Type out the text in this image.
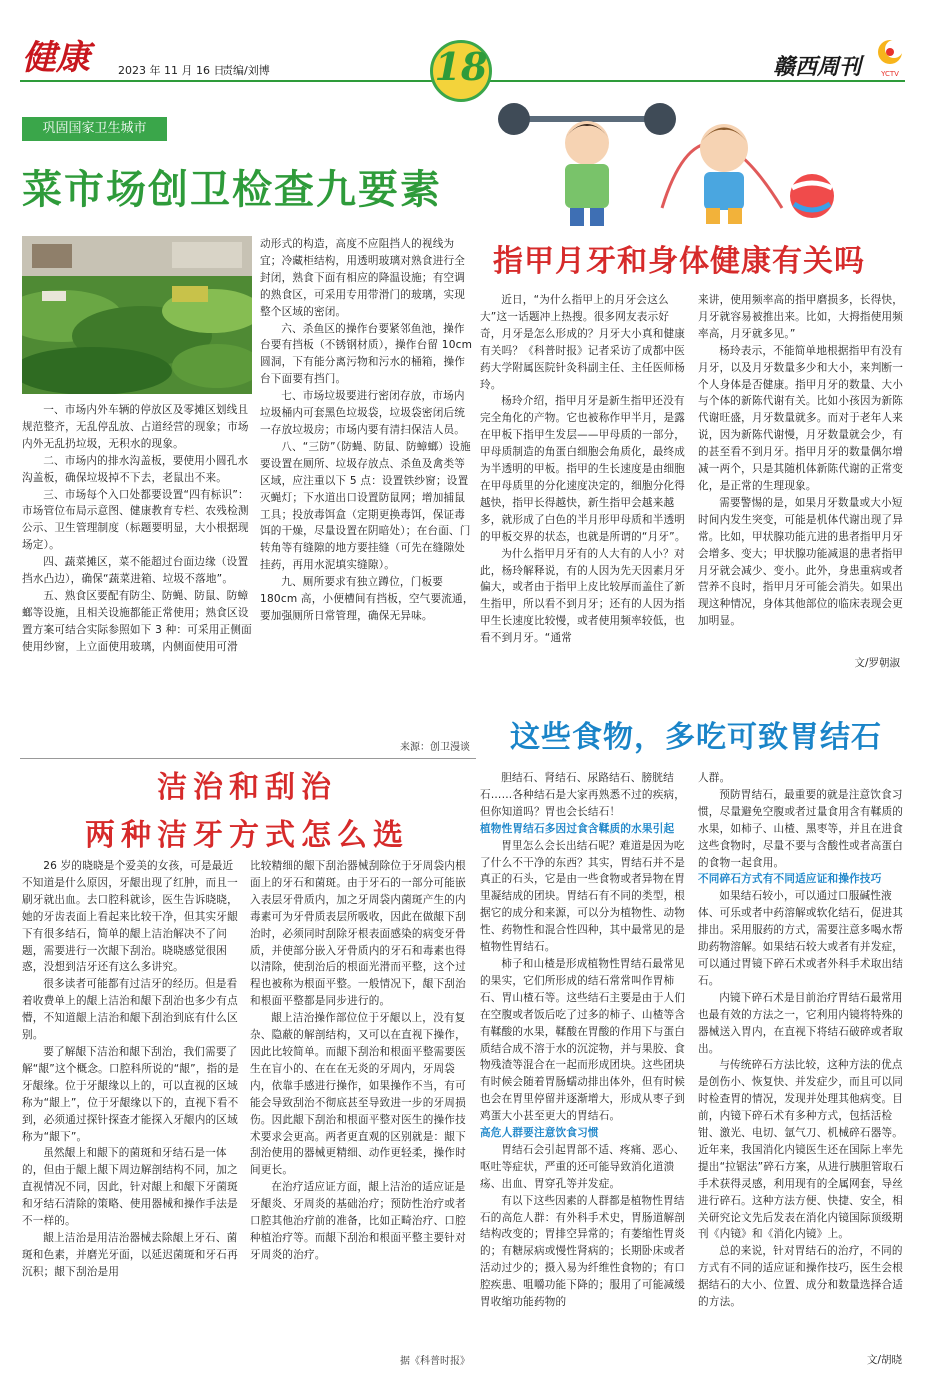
健康	2023 年 11 月 16 日
责编/刘博	18	赣西周刊	YCTV
巩固国家卫生城市
菜市场创卫检查九要素

一、市场内外车辆的停放区及零摊区划线且规范整齐，无乱停乱放、占道经营的现象；市场内外无乱扔垃圾，无积水的现象。

二、市场内的排水沟盖板，要使用小圆孔水沟盖板，确保垃圾掉不下去，老鼠出不来。

三、市场每个入口处都要设置“四有标识”：市场管位布局示意图、健康教育专栏、农残检测公示、卫生管理制度（标题要明显，大小根据现场定）。

四、蔬菜摊区，菜不能超过台面边缘（设置挡水凸边），确保“蔬菜进箱、垃圾不落地”。

五、熟食区要配有防尘、防蝇、防鼠、防蟑螂等设施，且相关设施都能正常使用；熟食区设置方案可结合实际参照如下 3 种：可采用正侧面使用纱窗，上立面使用玻璃，内侧面使用可滑

动形式的构造，高度不应阻挡人的视线为宜；冷藏柜结构，用透明玻璃对熟食进行全封闭，熟食下面有相应的降温设施；有空调的熟食区，可采用专用带滑门的玻璃，实现整个区域的密闭。

六、杀鱼区的操作台要紧邻鱼池，操作台要有挡板（不锈钢材质），操作台留 10cm 圆洞，下有能分离污物和污水的桶箱，操作台下面要有挡门。

七、市场垃圾要进行密闭存放，市场内垃圾桶内可套黑色垃圾袋，垃圾袋密闭后统一存放垃圾房；市场内要有清扫保洁人员。

八、“三防”（防蝇、防鼠、防蟑螂）设施要设置在厕所、垃圾存放点、杀鱼及禽类等区域，应注重以下 5 点：设置铁纱窗；设置灭蝇灯；下水道出口设置防鼠网；增加捕鼠工具；投放毒饵盒（定期更换毒饵，保证毒饵的干燥，尽量设置在阴暗处）；在台面、门转角等有缝隙的地方要挂缝（可先在缝隙处挂药，再用水泥填实缝隙）。

九、厕所要求有独立蹲位，门板要 180cm 高，小便槽间有挡板，空气要流通，要加强厕所日常管理，确保无异味。

来源：创卫漫谈
指甲月牙和身体健康有关吗

近日，“为什么指甲上的月牙会这么大”这一话题冲上热搜。很多网友表示好奇，月牙是怎么形成的？月牙大小真和健康有关吗？《科普时报》记者采访了成都中医药大学附属医院针灸科副主任、主任医师杨玲。

杨玲介绍，指甲月牙是新生指甲还没有完全角化的产物。它也被称作甲半月，是露在甲板下指甲生发层——甲母质的一部分，甲母质制造的角蛋白细胞会角质化，最终成为半透明的甲板。指甲的生长速度是由细胞在甲母质里的分化速度决定的，细胞分化得越快，指甲长得越快，新生指甲会越来越多，就形成了白色的半月形甲母质和半透明的甲板交界的状态，也就是所谓的“月牙”。

为什么指甲月牙有的人大有的人小？对此，杨玲解释说，有的人因为先天因素月牙偏大，或者由于指甲上皮比较厚而盖住了新生指甲，所以看不到月牙；还有的人因为指甲生长速度比较慢，或者使用频率较低，也看不到月牙。“通常

来讲，使用频率高的指甲磨损多，长得快，月牙就容易被推出来。比如，大拇指使用频率高，月牙就多见。”

杨玲表示，不能简单地根据指甲有没有月牙，以及月牙数量多少和大小，来判断一个人身体是否健康。指甲月牙的数量、大小与个体的新陈代谢有关。比如小孩因为新陈代谢旺盛，月牙数量就多。而对于老年人来说，因为新陈代谢慢，月牙数量就会少，有的甚至看不到月牙。指甲月牙的数量偶尔增减一两个，只是其随机体新陈代谢的正常变化，是正常的生理现象。

需要警惕的是，如果月牙数量或大小短时间内发生突变，可能是机体代谢出现了异常。比如，甲状腺功能亢进的患者指甲月牙会增多、变大；甲状腺功能减退的患者指甲月牙就会减少、变小。此外，身患重病或者营养不良时，指甲月牙可能会消失。如果出现这种情况，身体其他部位的临床表现会更加明显。

文/罗朝淑
洁治和刮治
两种洁牙方式怎么选

26 岁的晓晓是个爱美的女孩，可是最近不知道是什么原因，牙龈出现了红肿，而且一刷牙就出血。去口腔科就诊，医生告诉晓晓，她的牙齿表面上看起来比较干净，但其实牙龈下有很多结石，简单的龈上洁治解决不了问题，需要进行一次龈下刮治。晓晓感觉很困惑，没想到洁牙还有这么多讲究。

很多读者可能都有过洁牙的经历。但是看着收费单上的龈上洁治和龈下刮治也多少有点懵，不知道龈上洁治和龈下刮治到底有什么区别。

要了解龈下洁治和龈下刮治，我们需要了解“龈”这个概念。口腔科所说的“龈”，指的是牙龈缘。位于牙龈缘以上的，可以直视的区域称为“龈上”，位于牙龈缘以下的，直视下看不到，必须通过探针探查才能探入牙龈内的区域称为“龈下”。

虽然龈上和龈下的菌斑和牙结石是一体的，但由于龈上龈下周边解剖结构不同，加之直视情况不同，因此，针对龈上和龈下牙菌斑和牙结石清除的策略、使用器械和操作手法是不一样的。

龈上洁治是用洁治器械去除龈上牙石、菌斑和色素，并磨光牙面，以延迟菌斑和牙石再沉积；龈下刮治是用

比较精细的龈下刮治器械刮除位于牙周袋内根面上的牙石和菌斑。由于牙石的一部分可能嵌入表层牙骨质内，加之牙周袋内菌斑产生的内毒素可为牙骨质表层所吸收，因此在做龈下刮治时，必须同时刮除牙根表面感染的病变牙骨质，并使部分嵌入牙骨质内的牙石和毒素也得以清除，使刮治后的根面光滑而平整，这个过程也被称为根面平整。一般情况下，龈下刮治和根面平整都是同步进行的。

龈上洁治操作部位位于牙龈以上，没有复杂、隐蔽的解剖结构，又可以在直视下操作，因此比较简单。而龈下刮治和根面平整需要医生在盲小的、在在在无炎的牙周内，牙周袋内，依靠手感进行操作，如果操作不当，有可能会导致刮治不彻底甚至导致进一步的牙周损伤。因此龈下刮治和根面平整对医生的操作技术要求会更高。两者更直观的区别就是：龈下刮治使用的器械更精细、动作更轻柔，操作时间更长。

在治疗适应证方面，龈上洁治的适应证是牙龈炎、牙周炎的基础治疗；预防性治疗或者口腔其他治疗前的准备，比如正畸治疗、口腔种植治疗等。而龈下刮治和根面平整主要针对牙周炎的治疗。

据《科普时报》
这些食物，多吃可致胃结石

胆结石、肾结石、尿路结石、膀胱结石……各种结石是大家再熟悉不过的疾病，但你知道吗？胃也会长结石！

植物性胃结石多因过食含鞣质的水果引起

胃里怎么会长出结石呢？难道是因为吃了什么不干净的东西？其实，胃结石并不是真正的石头，它是由一些食物或者异物在胃里凝结成的团块。胃结石有不同的类型，根据它的成分和来源，可以分为植物性、动物性、药物性和混合性四种，其中最常见的是植物性胃结石。

柿子和山楂是形成植物性胃结石最常见的果实，它们所形成的结石常常叫作胃柿石、胃山楂石等。这些结石主要是由于人们在空腹或者饭后吃了过多的柿子、山楂等含有鞣酸的水果，鞣酸在胃酸的作用下与蛋白质结合成不溶于水的沉淀物，并与果胶、食物残渣等混合在一起而形成团块。这些团块有时候会随着胃肠蠕动排出体外，但有时候也会在胃里停留并逐渐增大，形成从枣子到鸡蛋大小甚至更大的胃结石。

高危人群要注意饮食习惯

胃结石会引起胃部不适、疼痛、恶心、呕吐等症状，严重的还可能导致消化道溃疡、出血、胃穿孔等并发症。

有以下这些因素的人群都是植物性胃结石的高危人群：有外科手术史，胃肠道解剖结构改变的；胃排空异常的；有萎缩性胃炎的；有糖尿病或慢性肾病的；长期卧床或者活动过少的；摄入易为纤维性食物的；有口腔疾患、咀嚼功能下降的；服用了可能减缓胃收缩功能药物的

人群。

预防胃结石，最重要的就是注意饮食习惯，尽量避免空腹或者过量食用含有鞣质的水果，如柿子、山楂、黑枣等，并且在进食这些食物时，尽量不要与含酸性或者高蛋白的食物一起食用。

不同碎石方式有不同适应证和操作技巧

如果结石较小，可以通过口服碱性液体、可乐或者中药溶解或软化结石，促进其排出。采用服药的方式，需要注意多喝水帮助药物溶解。如果结石较大或者有并发症，可以通过胃镜下碎石术或者外科手术取出结石。

内镜下碎石术是目前治疗胃结石最常用也最有效的方法之一，它利用内镜将特殊的器械送入胃内，在直视下将结石破碎或者取出。

与传统碎石方法比较，这种方法的优点是创伤小、恢复快、并发症少，而且可以同时检查胃的情况，发现并处理其他病变。目前，内镜下碎石术有多种方式，包括活检钳、激光、电切、氩气刀、机械碎石器等。近年来，我国消化内镜医生还在国际上率先提出“拉锯法”碎石方案，从进行胰胆管取石手术获得灵感，利用现有的全属网套，导丝进行碎石。这种方法方便、快捷、安全，相关研究论文先后发表在消化内镜国际顶级期刊《内镜》和《消化内镜》上。

总的来说，针对胃结石的治疗，不同的方式有不同的适应证和操作技巧，医生会根据结石的大小、位置、成分和数量选择合适的方法。

文/胡晓
